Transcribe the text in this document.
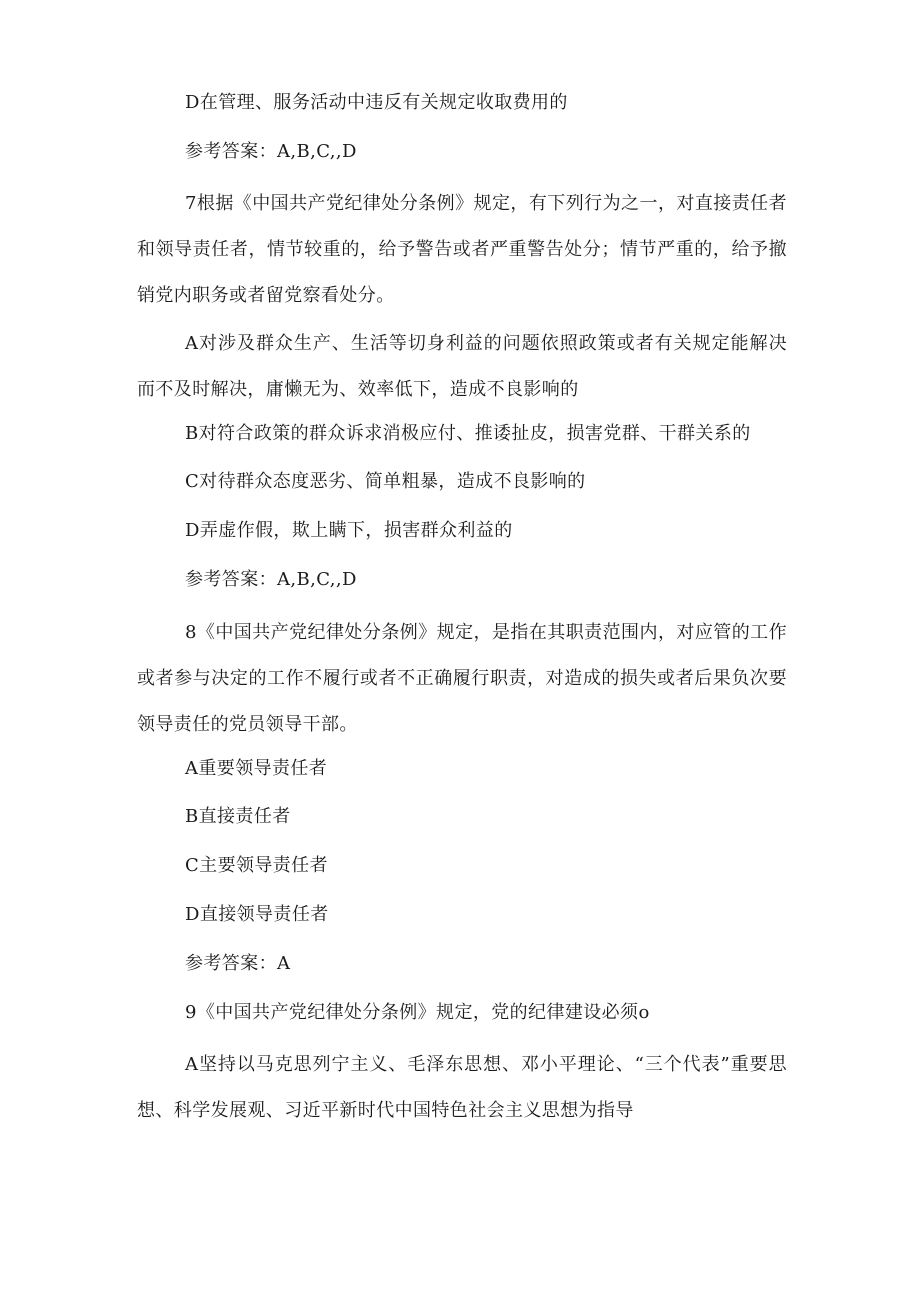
D在管理、服务活动中违反有关规定收取费用的
参考答案：A,B,C,,D
7根据《中国共产党纪律处分条例》规定，有下列行为之一，对直接责任者和领导责任者，情节较重的，给予警告或者严重警告处分；情节严重的，给予撤销党内职务或者留党察看处分。
A对涉及群众生产、生活等切身利益的问题依照政策或者有关规定能解决而不及时解决，庸懒无为、效率低下，造成不良影响的
B对符合政策的群众诉求消极应付、推诿扯皮，损害党群、干群关系的
C对待群众态度恶劣、简单粗暴，造成不良影响的
D弄虚作假，欺上瞒下，损害群众利益的
参考答案：A,B,C,,D
8《中国共产党纪律处分条例》规定，是指在其职责范围内，对应管的工作或者参与决定的工作不履行或者不正确履行职责，对造成的损失或者后果负次要领导责任的党员领导干部。
A重要领导责任者
B直接责任者
C主要领导责任者
D直接领导责任者
参考答案：A
9《中国共产党纪律处分条例》规定，党的纪律建设必须o
A坚持以马克思列宁主义、毛泽东思想、邓小平理论、“三个代表”重要思想、科学发展观、习近平新时代中国特色社会主义思想为指导
